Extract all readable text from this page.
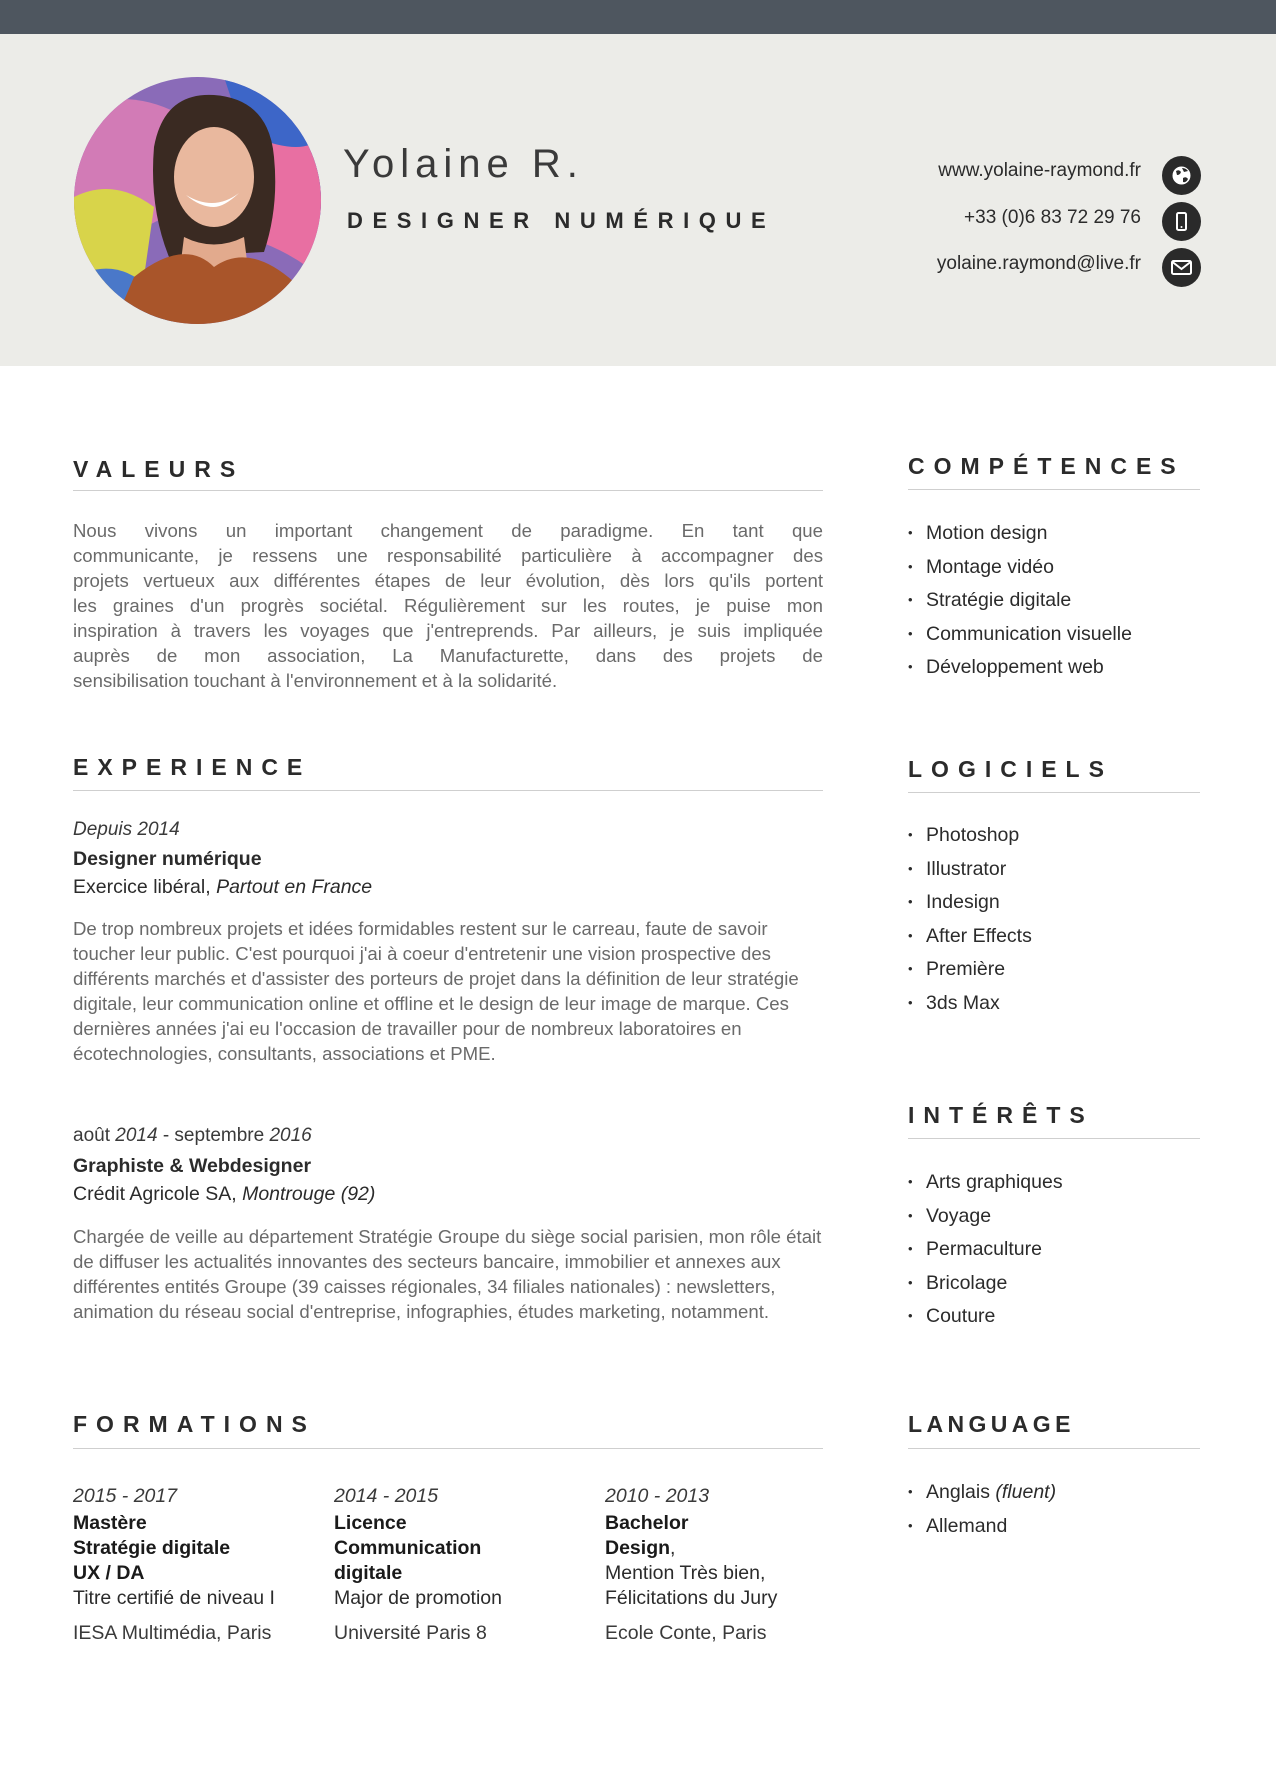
Yolaine R.
DESIGNER NUMÉRIQUE
www.yolaine-raymond.fr
+33 (0)6 83 72 29 76
yolaine.raymond@live.fr
VALEURS
Nous vivons un important changement de paradigme. En tant que
communicante, je ressens une responsabilité particulière à accompagner des
projets vertueux aux différentes étapes de leur évolution, dès lors qu'ils portent
les graines d'un progrès sociétal. Régulièrement sur les routes, je puise mon
inspiration à travers les voyages que j'entreprends. Par ailleurs, je suis impliquée
auprès de mon association, La Manufacturette, dans des projets de
sensibilisation touchant à l'environnement et à la solidarité.
EXPERIENCE
Depuis 2014
Designer numérique
Exercice libéral, Partout en France
De trop nombreux projets et idées formidables restent sur le carreau, faute de savoir toucher leur public. C'est pourquoi j'ai à coeur d'entretenir une vision prospective des différents marchés et d'assister des porteurs de projet dans la définition de leur stratégie digitale, leur communication online et offline et le design de leur image de marque. Ces dernières années j'ai eu l'occasion de travailler pour de nombreux laboratoires en écotechnologies, consultants, associations et PME.
août 2014 - septembre 2016
Graphiste & Webdesigner
Crédit Agricole SA, Montrouge (92)
Chargée de veille au département Stratégie Groupe du siège social parisien, mon rôle était de diffuser les actualités innovantes des secteurs bancaire, immobilier et annexes aux différentes entités Groupe (39 caisses régionales, 34 filiales nationales) : newsletters, animation du réseau social d'entreprise, infographies, études marketing, notamment.
FORMATIONS
2015 - 2017
Mastère
Stratégie digitale
UX / DA
Titre certifié de niveau I
IESA Multimédia, Paris
2014 - 2015
Licence
Communication
digitale
Major de promotion
Université Paris 8
2010 - 2013
Bachelor
Design,
Mention Très bien,
Félicitations du Jury
Ecole Conte, Paris
COMPÉTENCES
• Motion design
• Montage vidéo
• Stratégie digitale
• Communication visuelle
• Développement web
LOGICIELS
• Photoshop
• Illustrator
• Indesign
• After Effects
• Première
• 3ds Max
INTÉRÊTS
• Arts graphiques
• Voyage
• Permaculture
• Bricolage
• Couture
LANGUAGE
• Anglais (fluent)
• Allemand
